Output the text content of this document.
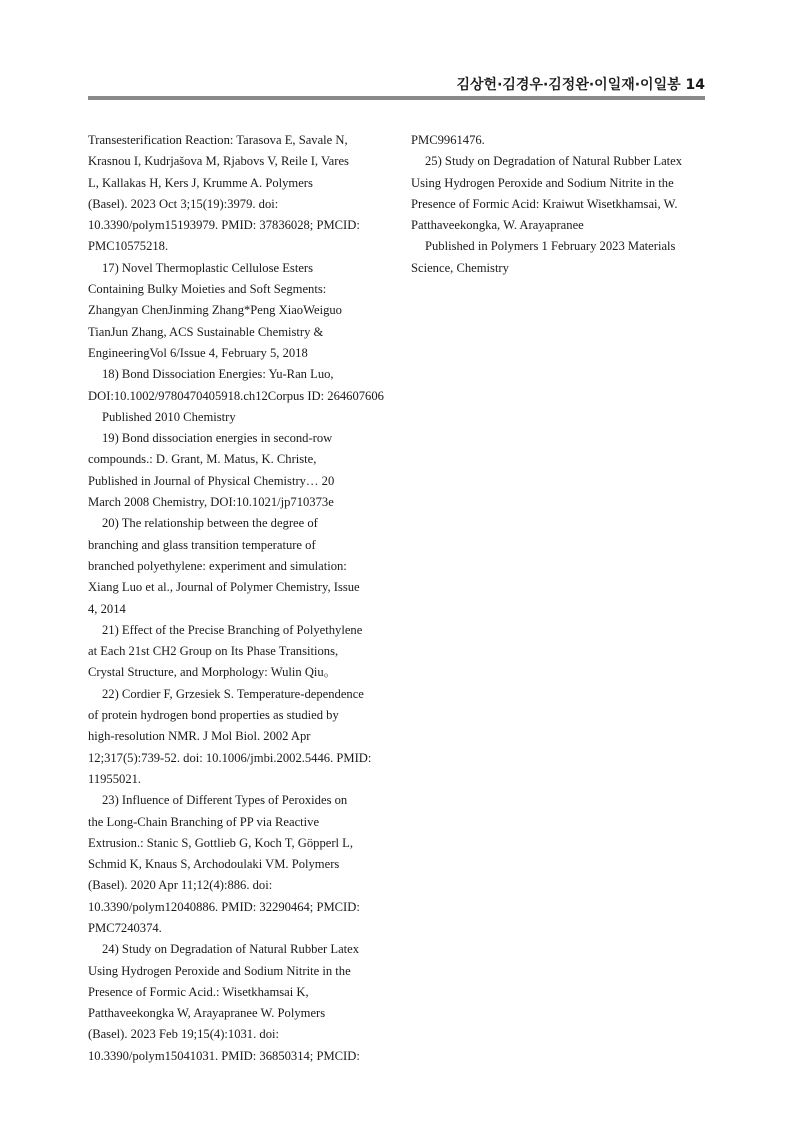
김상헌·김경우·김정완·이일재·이일봉 14
Transesterification Reaction: Tarasova E, Savale N,
Krasnou I, Kudrjašova M, Rjabovs V, Reile I, Vares
L, Kallakas H, Kers J, Krumme A. Polymers
(Basel). 2023 Oct 3;15(19):3979. doi:
10.3390/polym15193979. PMID: 37836028; PMCID:
PMC10575218.
17) Novel Thermoplastic Cellulose Esters
Containing Bulky Moieties and Soft Segments:
Zhangyan ChenJinming Zhang*Peng XiaoWeiguo
TianJun Zhang, ACS Sustainable Chemistry &
EngineeringVol 6/Issue 4, February 5, 2018
18) Bond Dissociation Energies: Yu-Ran Luo,
DOI:10.1002/9780470405918.ch12Corpus ID: 264607606
Published 2010 Chemistry
19) Bond dissociation energies in second-row
compounds.: D. Grant, M. Matus, K. Christe,
Published in Journal of Physical Chemistry… 20
March 2008 Chemistry, DOI:10.1021/jp710373e
20) The relationship between the degree of
branching and glass transition temperature of
branched polyethylene: experiment and simulation:
Xiang Luo et al., Journal of Polymer Chemistry, Issue
4, 2014
21) Effect of the Precise Branching of Polyethylene
at Each 21st CH2 Group on Its Phase Transitions,
Crystal Structure, and Morphology: Wulin Qiu。
22) Cordier F, Grzesiek S. Temperature-dependence
of protein hydrogen bond properties as studied by
high-resolution NMR. J Mol Biol. 2002 Apr
12;317(5):739-52. doi: 10.1006/jmbi.2002.5446. PMID:
11955021.
23) Influence of Different Types of Peroxides on
the Long-Chain Branching of PP via Reactive
Extrusion.: Stanic S, Gottlieb G, Koch T, Göpperl L,
Schmid K, Knaus S, Archodoulaki VM. Polymers
(Basel). 2020 Apr 11;12(4):886. doi:
10.3390/polym12040886. PMID: 32290464; PMCID:
PMC7240374.
24) Study on Degradation of Natural Rubber Latex
Using Hydrogen Peroxide and Sodium Nitrite in the
Presence of Formic Acid.: Wisetkhamsai K,
Patthaveekongka W, Arayapranee W. Polymers
(Basel). 2023 Feb 19;15(4):1031. doi:
10.3390/polym15041031. PMID: 36850314; PMCID:
PMC9961476.
25) Study on Degradation of Natural Rubber Latex
Using Hydrogen Peroxide and Sodium Nitrite in the
Presence of Formic Acid: Kraiwut Wisetkhamsai, W.
Patthaveekongka, W. Arayapranee
Published in Polymers 1 February 2023 Materials
Science, Chemistry
